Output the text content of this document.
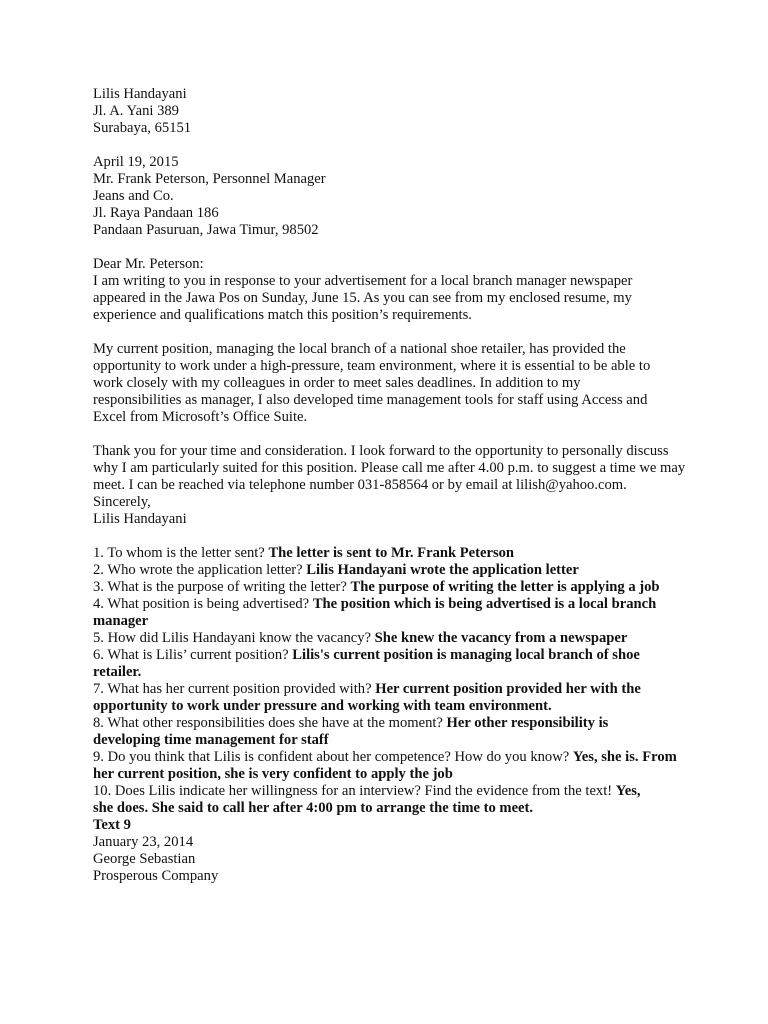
Lilis Handayani
Jl. A. Yani 389
Surabaya, 65151
April 19, 2015
Mr. Frank Peterson, Personnel Manager
Jeans and Co.
Jl. Raya Pandaan 186
Pandaan Pasuruan, Jawa Timur, 98502
Dear Mr. Peterson:
I am writing to you in response to your advertisement for a local branch manager newspaper appeared in the Jawa Pos on Sunday, June 15. As you can see from my enclosed resume, my experience and qualifications match this position’s requirements.
My current position, managing the local branch of a national shoe retailer, has provided the opportunity to work under a high-pressure, team environment, where it is essential to be able to work closely with my colleagues in order to meet sales deadlines. In addition to my responsibilities as manager, I also developed time management tools for staff using Access and Excel from Microsoft’s Office Suite.
Thank you for your time and consideration. I look forward to the opportunity to personally discuss why I am particularly suited for this position. Please call me after 4.00 p.m. to suggest a time we may meet. I can be reached via telephone number 031-858564 or by email at lilish@yahoo.com.
Sincerely,
Lilis Handayani
1. To whom is the letter sent? The letter is sent to Mr. Frank Peterson
2. Who wrote the application letter? Lilis Handayani wrote the application letter
3. What is the purpose of writing the letter? The purpose of writing the letter is applying a job
4. What position is being advertised? The position which is being advertised is a local branch manager
5. How did Lilis Handayani know the vacancy? She knew the vacancy from a newspaper
6. What is Lilis’ current position? Lilis's current position is managing local branch of shoe retailer.
7. What has her current position provided with? Her current position provided her with the opportunity to work under pressure and working with team environment.
8. What other responsibilities does she have at the moment? Her other responsibility is developing time management for staff
9. Do you think that Lilis is confident about her competence? How do you know? Yes, she is. From her current position, she is very confident to apply the job
10. Does Lilis indicate her willingness for an interview? Find the evidence from the text! Yes, she does. She said to call her after 4:00 pm to arrange the time to meet.
Text 9
January 23, 2014
George Sebastian
Prosperous Company
